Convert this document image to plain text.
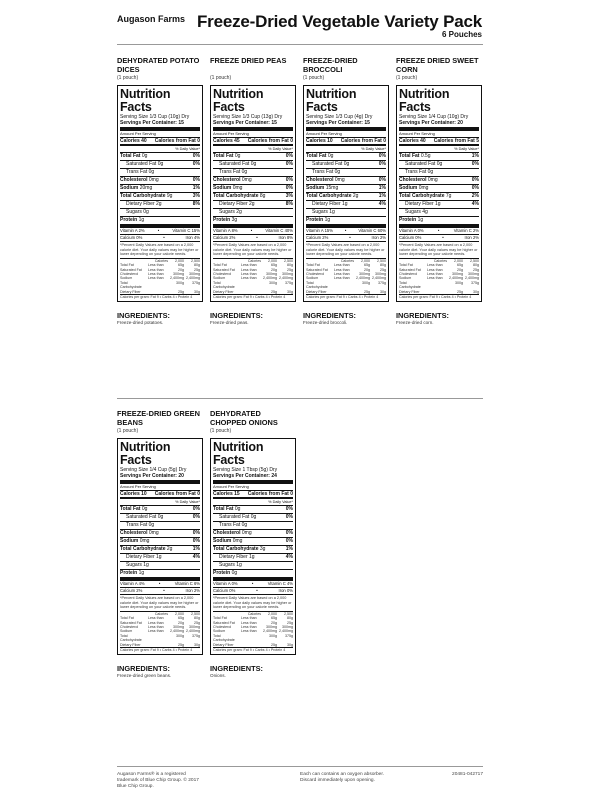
Augason Farms Freeze-Dried Vegetable Variety Pack
6 Pouches
DEHYDRATED POTATO DICES
(1 pouch)
Nutrition Facts
Serving Size 1/3 Cup (10g) Dry
Servings Per Container: 15
Amount Per Serving
Calories 40 Calories from Fat 0
% Daily Value*
Total Fat 0g	0%
Saturated Fat 0g	0%
Trans Fat 0g
Cholesterol 0mg	0%
Sodium 20mg	1%
Total Carbohydrate 9g	3%
Dietary Fiber 2g	8%
Sugars 0g
Protein 1g
Vitamin A 2%	•	Vitamin C 15%
Calcium 0%	•	Iron 4%
*Percent Daily Values are based on a 2,000 calorie diet. Your daily values may be higher or lower depending on your calorie needs.
Calories	2,000	2,500
Total Fat	Less than	65g	80g
Saturated Fat	Less than	20g	25g
Cholesterol	Less than	300mg	300mg
Sodium	Less than	2,400mg 2,400mg
Total Carbohydrate
300g	375g
Dietary Fiber	25g	30g
Calories per gram: Fat 9 • Carbs 4 • Protein 4
INGREDIENTS:
Freeze-dried potatoes.
FREEZE DRIED PEAS
(1 pouch)
Nutrition Facts
Serving Size 1/3 Cup (13g) Dry
Servings Per Container: 15
Amount Per Serving
Calories 45 Calories from Fat 0
% Daily Value*
Total Fat 0g	0%
Saturated Fat 0g	0%
Trans Fat 0g
Cholesterol 0mg	0%
Sodium 0mg	0%
Total Carbohydrate 8g	3%
Dietary Fiber 2g	8%
Sugars 2g
Protein 3g
Vitamin A 8%	•	Vitamin C 40%
Calcium 2%	•	Iron 8%
*Percent Daily Values are based on a 2,000 calorie diet. Your daily values may be higher or lower depending on your calorie needs.
Calories	2,000	2,500
Total Fat	Less than	65g	80g
Saturated Fat	Less than	20g	25g
Cholesterol	Less than	300mg	300mg
Sodium	Less than	2,400mg 2,400mg
Total Carbohydrate
300g	375g
Dietary Fiber	25g	30g
Calories per gram: Fat 9 • Carbs 4 • Protein 4
INGREDIENTS:
Freeze-dried peas.
FREEZE-DRIED BROCCOLI
(1 pouch)
Nutrition Facts
Serving Size 1/3 Cup (4g) Dry
Servings Per Container: 15
Amount Per Serving
Calories 10 Calories from Fat 0
% Daily Value*
Total Fat 0g	0%
Saturated Fat 0g	0%
Trans Fat 0g
Cholesterol 0mg	0%
Sodium 15mg	1%
Total Carbohydrate 2g	1%
Dietary Fiber 1g	4%
Sugars 1g
Protein 1g
Vitamin A 15%	•	Vitamin C 60%
Calcium 2%	•	Iron 2%
*Percent Daily Values are based on a 2,000 calorie diet. Your daily values may be higher or lower depending on your calorie needs.
Calories	2,000	2,500
Total Fat	Less than	65g	80g
Saturated Fat	Less than	20g	25g
Cholesterol	Less than	300mg	300mg
Sodium	Less than	2,400mg 2,400mg
Total Carbohydrate
300g	375g
Dietary Fiber	25g	30g
Calories per gram: Fat 9 • Carbs 4 • Protein 4
INGREDIENTS:
Freeze-dried broccoli.
FREEZE DRIED SWEET CORN
(1 pouch)
Nutrition Facts
Serving Size 1/4 Cup (10g) Dry
Servings Per Container: 20
Amount Per Serving
Calories 40 Calories from Fat 5
% Daily Value*
Total Fat 0.5g	1%
Saturated Fat 0g	0%
Trans Fat 0g
Cholesterol 0mg	0%
Sodium 0mg	0%
Total Carbohydrate 7g	2%
Dietary Fiber 1g	4%
Sugars 4g
Protein 1g
Vitamin A 0%	•	Vitamin C 2%
Calcium 0%	•	Iron 2%
*Percent Daily Values are based on a 2,000 calorie diet. Your daily values may be higher or lower depending on your calorie needs.
Calories	2,000	2,500
Total Fat	Less than	65g	80g
Saturated Fat	Less than	20g	25g
Cholesterol	Less than	300mg	300mg
Sodium	Less than	2,400mg 2,400mg
Total Carbohydrate
300g	375g
Dietary Fiber	25g	30g
Calories per gram: Fat 9 • Carbs 4 • Protein 4
INGREDIENTS:
Freeze-dried corn.
FREEZE-DRIED GREEN BEANS
(1 pouch)
Nutrition Facts
Serving Size 1/4 Cup (5g) Dry
Servings Per Container: 20
Amount Per Serving
Calories 10 Calories from Fat 0
% Daily Value*
Total Fat 0g	0%
Saturated Fat 0g	0%
Trans Fat 0g
Cholesterol 0mg	0%
Sodium 0mg	0%
Total Carbohydrate 2g	1%
Dietary Fiber 1g	4%
Sugars 1g
Protein 1g
Vitamin A 4%	•	Vitamin C 6%
Calcium 2%	•	Iron 2%
*Percent Daily Values are based on a 2,000 calorie diet. Your daily values may be higher or lower depending on your calorie needs.
Calories	2,000	2,500
Total Fat	Less than	65g	80g
Saturated Fat	Less than	20g	25g
Cholesterol	Less than	300mg	300mg
Sodium	Less than	2,400mg 2,400mg
Total Carbohydrate
300g	375g
Dietary Fiber	25g	30g
Calories per gram: Fat 9 • Carbs 4 • Protein 4
INGREDIENTS:
Freeze-dried green beans.
DEHYDRATED CHOPPED ONIONS
(1 pouch)
Nutrition Facts
Serving Size 1 Tbsp (5g) Dry
Servings Per Container: 24
Amount Per Serving
Calories 15 Calories from Fat 0
% Daily Value*
Total Fat 0g	0%
Saturated Fat 0g	0%
Trans Fat 0g
Cholesterol 0mg	0%
Sodium 0mg	0%
Total Carbohydrate 3g	1%
Dietary Fiber 1g	4%
Sugars 1g
Protein 0g
Vitamin A 0%	•	Vitamin C 4%
Calcium 0%	•	Iron 0%
*Percent Daily Values are based on a 2,000 calorie diet. Your daily values may be higher or lower depending on your calorie needs.
Calories	2,000	2,500
Total Fat	Less than	65g	80g
Saturated Fat	Less than	20g	25g
Cholesterol	Less than	300mg	300mg
Sodium	Less than	2,400mg 2,400mg
Total Carbohydrate
300g	375g
Dietary Fiber	25g	30g
Calories per gram: Fat 9 • Carbs 4 • Protein 4
INGREDIENTS:
Onions.
Augason Farms® is a registered trademark of Blue Chip Group. © 2017 Blue Chip Group.
Each can contains an oxygen absorber. Discard immediately upon opening.
20481-042717
